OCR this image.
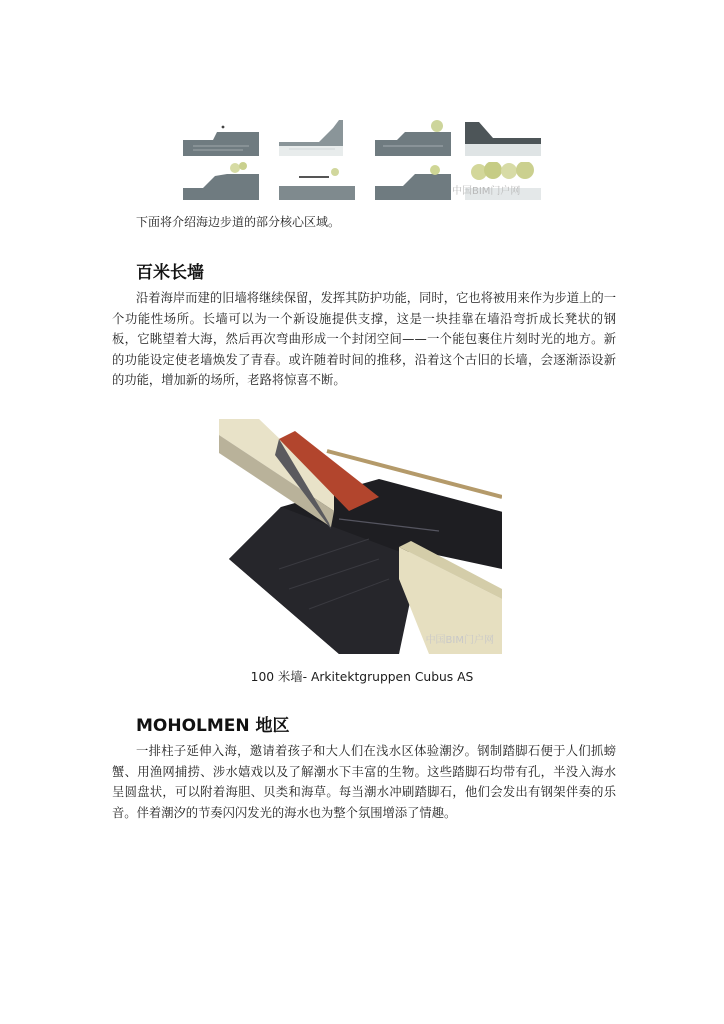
中国BIM门户网

下面将介绍海边步道的部分核心区域。

百米长墙

沿着海岸而建的旧墙将继续保留，发挥其防护功能，同时，它也将被用来作为步道上的一个功能性场所。长墙可以为一个新设施提供支撑，这是一块挂靠在墙沿弯折成长凳状的钢板，它眺望着大海，然后再次弯曲形成一个封闭空间——一个能包裹住片刻时光的地方。新的功能设定使老墙焕发了青春。或许随着时间的推移，沿着这个古旧的长墙，会逐渐添设新的功能，增加新的场所，老路将惊喜不断。

中国BIM门户网
100 米墙- Arkitektgruppen Cubus AS
MOHOLMEN 地区

一排柱子延伸入海，邀请着孩子和大人们在浅水区体验潮汐。钢制踏脚石便于人们抓螃蟹、用渔网捕捞、涉水嬉戏以及了解潮水下丰富的生物。这些踏脚石均带有孔，半没入海水呈圆盘状，可以附着海胆、贝类和海草。每当潮水冲刷踏脚石，他们会发出有钢架伴奏的乐音。伴着潮汐的节奏闪闪发光的海水也为整个氛围增添了情趣。
